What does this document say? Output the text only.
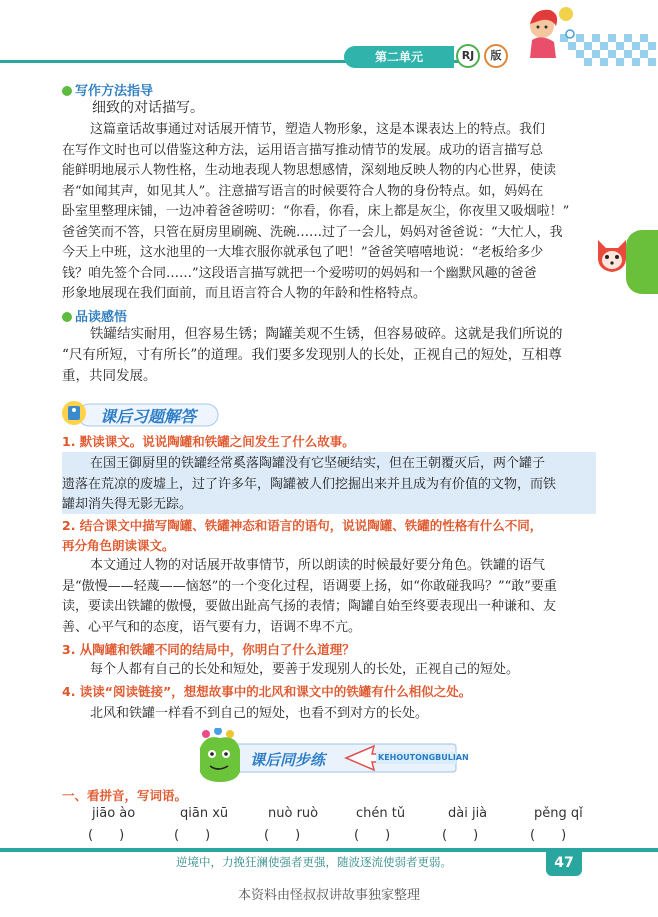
第二单元	RJ	版
写作方法指导
细致的对话描写。
这篇童话故事通过对话展开情节，塑造人物形象，这是本课表达上的特点。我们
在写作文时也可以借鉴这种方法，运用语言描写推动情节的发展。成功的语言描写总
能鲜明地展示人物性格，生动地表现人物思想感情，深刻地反映人物的内心世界，使读
者“如闻其声，如见其人”。注意描写语言的时候要符合人物的身份特点。如，妈妈在
卧室里整理床铺，一边冲着爸爸唠叨：“你看，你看，床上都是灰尘，你夜里又吸烟啦！”
爸爸笑而不答，只管在厨房里刷碗、洗碗……过了一会儿，妈妈对爸爸说：“大忙人，我
今天上中班，这水池里的一大堆衣服你就承包了吧！”爸爸笑嘻嘻地说：“老板给多少
钱？咱先签个合同……”这段语言描写就把一个爱唠叨的妈妈和一个幽默风趣的爸爸
形象地展现在我们面前，而且语言符合人物的年龄和性格特点。
品读感悟
铁罐结实耐用，但容易生锈；陶罐美观不生锈，但容易破碎。这就是我们所说的
“尺有所短，寸有所长”的道理。我们要多发现别人的长处，正视自己的短处，互相尊
重，共同发展。
课后习题解答
1. 默读课文。说说陶罐和铁罐之间发生了什么故事。
在国王御厨里的铁罐经常奚落陶罐没有它坚硬结实，但在王朝覆灭后，两个罐子
遗落在荒凉的废墟上，过了许多年，陶罐被人们挖掘出来并且成为有价值的文物，而铁
罐却消失得无影无踪。
2. 结合课文中描写陶罐、铁罐神态和语言的语句，说说陶罐、铁罐的性格有什么不同，
再分角色朗读课文。
本文通过人物的对话展开故事情节，所以朗读的时候最好要分角色。铁罐的语气
是“傲慢——轻蔑——恼怒”的一个变化过程，语调要上扬，如“你敢碰我吗？”“敢”要重
读，要读出铁罐的傲慢，要做出趾高气扬的表情；陶罐自始至终要表现出一种谦和、友
善、心平气和的态度，语气要有力，语调不卑不亢。
3. 从陶罐和铁罐不同的结局中，你明白了什么道理？
每个人都有自己的长处和短处，要善于发现别人的长处，正视自己的短处。
4. 读读“阅读链接”，想想故事中的北风和课文中的铁罐有什么相似之处。
北风和铁罐一样看不到自己的短处，也看不到对方的长处。
课后同步练	KEHOUTONGBULIAN
一、看拼音，写词语。
jiāo ào	qiān xū	nuò ruò	chén tǔ	dài jià	pěng qǐ
(　　)	(　　)	(　　)	(　　)	(　　)	(　　)
逆境中，力挽狂澜使强者更强，随波逐流使弱者更弱。	47
本资料由怪叔叔讲故事独家整理
